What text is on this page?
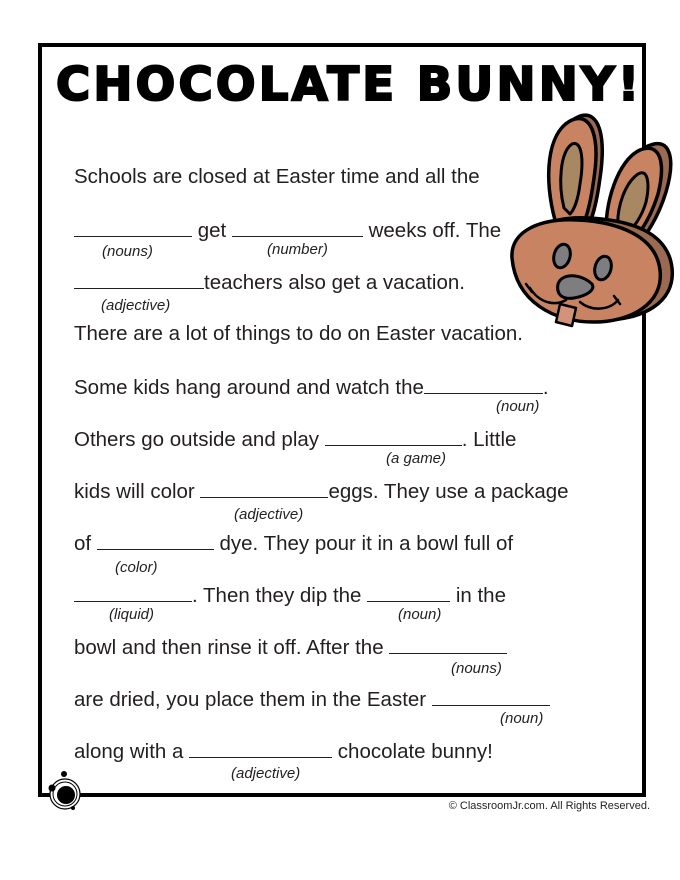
CHOCOLATE BUNNY!
Schools are closed at Easter time and all the
get	weeks off. The
(nouns)	(number)
teachers also get a vacation.
(adjective)
There are a lot of things to do on Easter vacation.
Some kids hang around and watch the	.
(noun)
Others go outside and play	. Little
(a game)
kids will color	eggs. They use a package
(adjective)
of	dye. They pour it in a bowl full of
(color)
. Then they dip the	in the
(liquid)	(noun)
bowl and then rinse it off. After the
(nouns)
are dried, you place them in the Easter
(noun)
along with a	chocolate bunny!
(adjective)
© ClassroomJr.com. All Rights Reserved.
